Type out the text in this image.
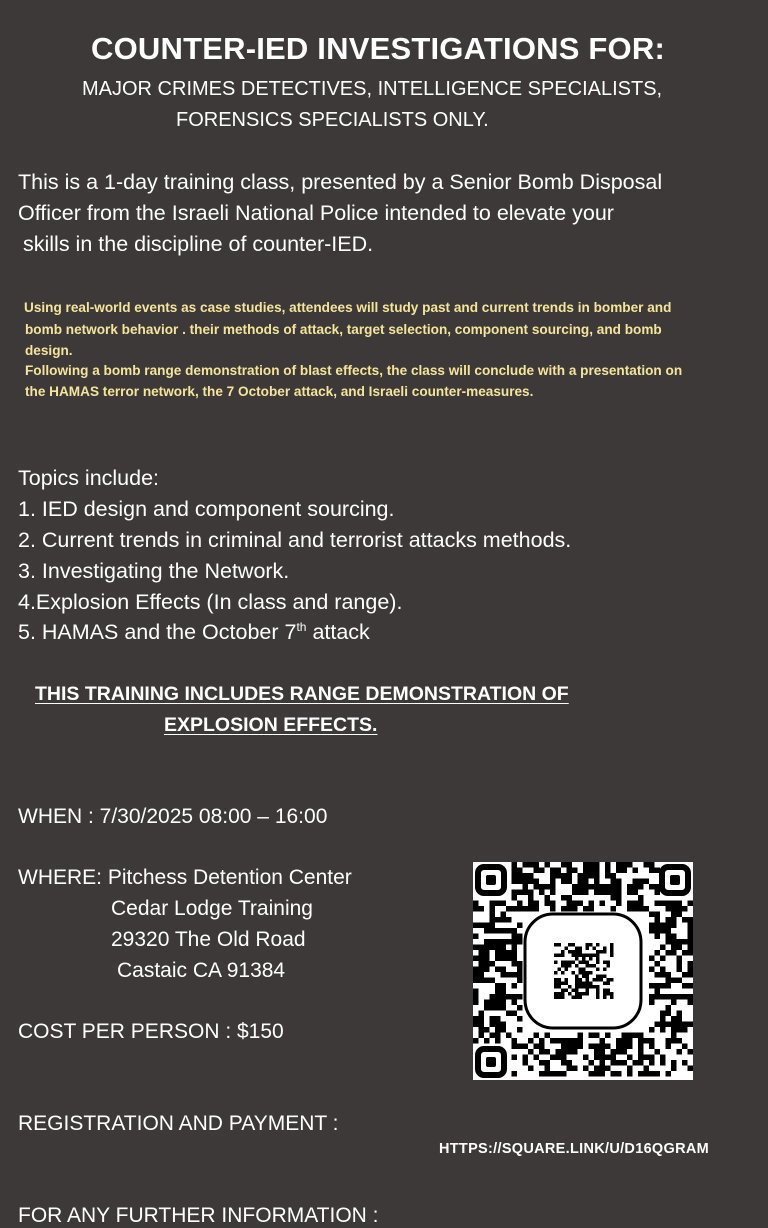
COUNTER-IED INVESTIGATIONS FOR:
MAJOR CRIMES DETECTIVES, INTELLIGENCE SPECIALISTS,
FORENSICS SPECIALISTS ONLY.
This is a 1-day training class, presented by a Senior Bomb Disposal
Officer from the Israeli National Police intended to elevate your
skills in the discipline of counter-IED.
Using real-world events as case studies, attendees will study past and current trends in bomber and
bomb network behavior . their methods of attack, target selection, component sourcing, and bomb
design.
Following a bomb range demonstration of blast effects, the class will conclude with a presentation on
the HAMAS terror network, the 7 October attack, and Israeli counter-measures.
Topics include:
1. IED design and component sourcing.
2. Current trends in criminal and terrorist attacks methods.
3. Investigating the Network.
4.Explosion Effects (In class and range).
5. HAMAS and the October 7th attack
THIS TRAINING INCLUDES RANGE DEMONSTRATION OF
EXPLOSION EFFECTS.
WHEN : 7/30/2025 08:00 – 16:00
WHERE: Pitchess Detention Center
Cedar Lodge Training
29320 The Old Road
Castaic CA 91384
COST PER PERSON : $150
REGISTRATION AND PAYMENT :
HTTPS://SQUARE.LINK/U/D16QGRAM
FOR ANY FURTHER INFORMATION :
